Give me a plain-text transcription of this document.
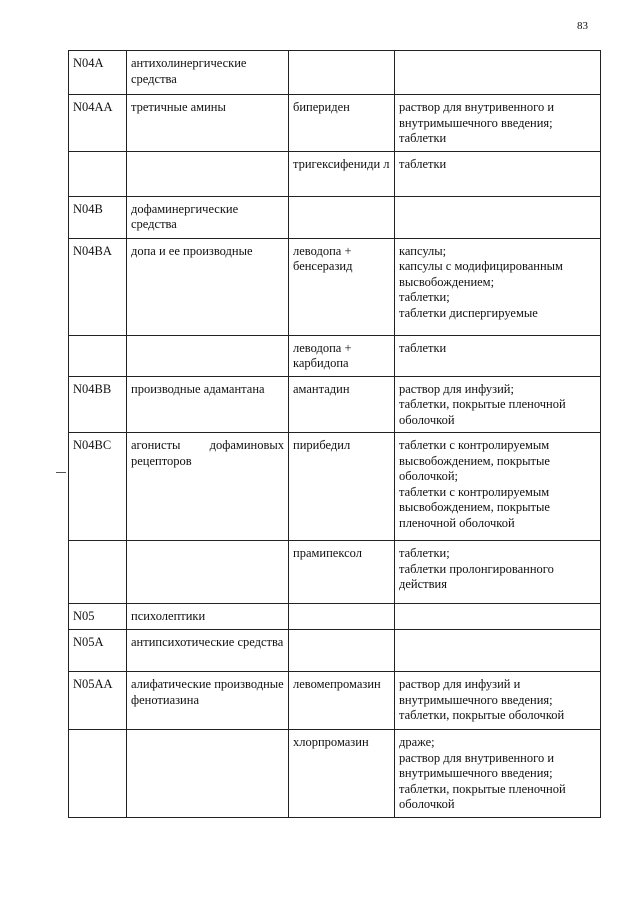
83
N04A	антихолинергические средства		
N04AA	третичные амины	бипериден	раствор для внутривенного и внутримышечного введения;
таблетки

		тригексифениди л	таблетки

N04B	дофаминергические средства		
N04BA	допа и ее производные	леводопа + бенсеразид	капсулы;
капсулы с модифицированным высвобождением;
таблетки;
таблетки диспергируемые

		леводопа + карбидопа	таблетки

N04BB	производные адамантана	амантадин	раствор для инфузий;
таблетки, покрытые пленочной оболочкой

N04BC	агонисты дофаминовых
рецепторов	пирибедил	таблетки с контролируемым высвобождением, покрытые оболочкой;
таблетки с контролируемым высвобождением, покрытые пленочной оболочкой

		прамипексол	таблетки;
таблетки пролонгированного действия

N05	психолептики		
N05A	антипсихотические средства		
N05AA	алифатические производные фенотиазина	левомепромазин	раствор для инфузий и внутримышечного введения;
таблетки, покрытые оболочкой

		хлорпромазин	драже;
раствор для внутривенного и внутримышечного введения;
таблетки, покрытые пленочной оболочкой
